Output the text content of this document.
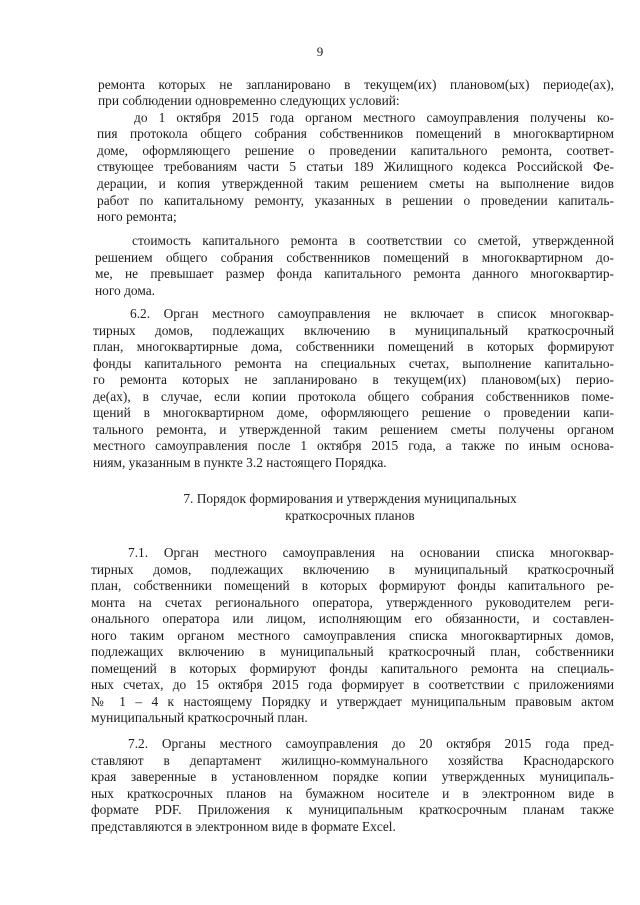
9
ремонта которых не запланировано в текущем(их) плановом(ых) периоде(ах),
при соблюдении одновременно следующих условий:
до 1 октября 2015 года органом местного самоуправления получены ко-
пия протокола общего собрания собственников помещений в многоквартирном
доме, оформляющего решение о проведении капитального ремонта, соответ-
ствующее требованиям части 5 статьи 189 Жилищного кодекса Российской Фе-
дерации, и копия утвержденной таким решением сметы на выполнение видов
работ по капитальному ремонту, указанных в решении о проведении капиталь-
ного ремонта;
стоимость капитального ремонта в соответствии со сметой, утвержденной
решением общего собрания собственников помещений в многоквартирном до-
ме, не превышает размер фонда капитального ремонта данного многоквартир-
ного дома.
6.2. Орган местного самоуправления не включает в список многоквар-
тирных домов, подлежащих включению в муниципальный краткосрочный
план, многоквартирные дома, собственники помещений в которых формируют
фонды капитального ремонта на специальных счетах, выполнение капитально-
го ремонта которых не запланировано в текущем(их) плановом(ых) перио-
де(ах), в случае, если копии протокола общего собрания собственников поме-
щений в многоквартирном доме, оформляющего решение о проведении капи-
тального ремонта, и утвержденной таким решением сметы получены органом
местного самоуправления после 1 октября 2015 года, а также по иным основа-
ниям, указанным в пункте 3.2 настоящего Порядка.
7. Порядок формирования и утверждения муниципальных
краткосрочных планов
7.1. Орган местного самоуправления на основании списка многоквар-
тирных домов, подлежащих включению в муниципальный краткосрочный
план, собственники помещений в которых формируют фонды капитального ре-
монта на счетах регионального оператора, утвержденного руководителем реги-
онального оператора или лицом, исполняющим его обязанности, и составлен-
ного таким органом местного самоуправления списка многоквартирных домов,
подлежащих включению в муниципальный краткосрочный план, собственники
помещений в которых формируют фонды капитального ремонта на специаль-
ных счетах, до 15 октября 2015 года формирует в соответствии с приложениями
№ 1 – 4 к настоящему Порядку и утверждает муниципальным правовым актом
муниципальный краткосрочный план.
7.2. Органы местного самоуправления до 20 октября 2015 года пред-
ставляют в департамент жилищно-коммунального хозяйства Краснодарского
края заверенные в установленном порядке копии утвержденных муниципаль-
ных краткосрочных планов на бумажном носителе и в электронном виде в
формате PDF. Приложения к муниципальным краткосрочным планам также
представляются в электронном виде в формате Excel.
